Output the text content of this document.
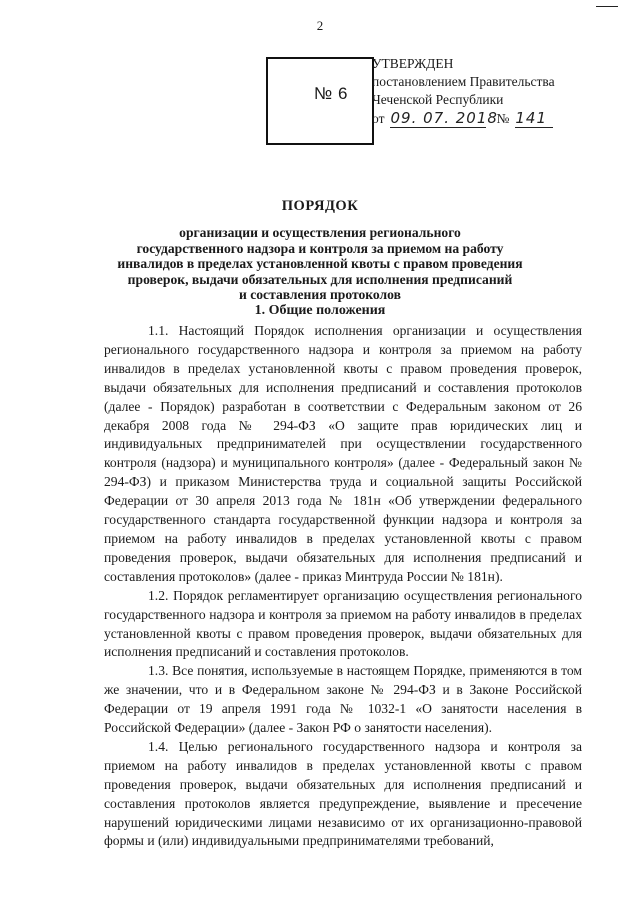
2
№ 6
УТВЕРЖДЕН
постановлением Правительства
Чеченской Республики
от 09. 07. 2018№ 141
ПОРЯДОК
организации и осуществления регионального
государственного надзора и контроля за приемом на работу
инвалидов в пределах установленной квоты с правом проведения
проверок, выдачи обязательных для исполнения предписаний
и составления протоколов
1. Общие положения

1.1. Настоящий Порядок исполнения организации и осуществления регионального государственного надзора и контроля за приемом на работу инвалидов в пределах установленной квоты с правом проведения проверок, выдачи обязательных для исполнения предписаний и составления протоколов (далее - Порядок) разработан в соответствии с Федеральным законом от 26 декабря 2008 года № 294-ФЗ «О защите прав юридических лиц и индивидуальных предпринимателей при осуществлении государственного контроля (надзора) и муниципального контроля» (далее - Федеральный закон № 294-ФЗ) и приказом Министерства труда и социальной защиты Российской Федерации от 30 апреля 2013 года № 181н «Об утверждении федерального государственного стандарта государственной функции надзора и контроля за приемом на работу инвалидов в пределах установленной квоты с правом проведения проверок, выдачи обязательных для исполнения предписаний и составления протоколов» (далее - приказ Минтруда России № 181н).

1.2. Порядок регламентирует организацию осуществления регионального государственного надзора и контроля за приемом на работу инвалидов в пределах установленной квоты с правом проведения проверок, выдачи обязательных для исполнения предписаний и составления протоколов.

1.3. Все понятия, используемые в настоящем Порядке, применяются в том же значении, что и в Федеральном законе № 294-ФЗ и в Законе Российской Федерации от 19 апреля 1991 года № 1032-1 «О занятости населения в Российской Федерации» (далее - Закон РФ о занятости населения).

1.4. Целью регионального государственного надзора и контроля за приемом на работу инвалидов в пределах установленной квоты с правом проведения проверок, выдачи обязательных для исполнения предписаний и составления протоколов является предупреждение, выявление и пресечение нарушений юридическими лицами независимо от их организационно-правовой формы и (или) индивидуальными предпринимателями требований,
